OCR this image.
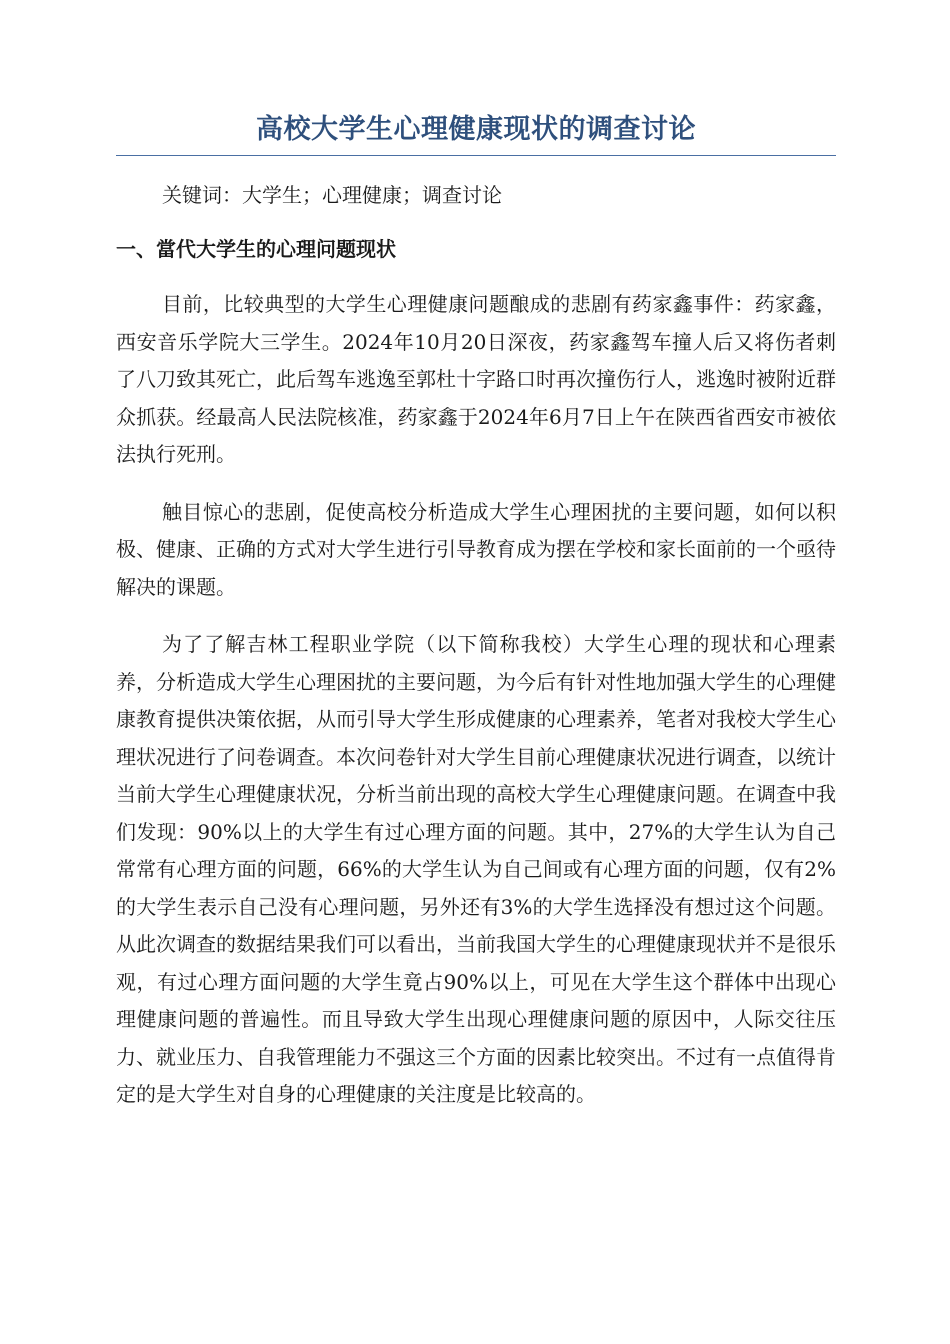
高校大学生心理健康现状的调查讨论

关键词：大学生；心理健康；调查讨论

一、當代大学生的心理问题现状

目前，比较典型的大学生心理健康问题酿成的悲剧有药家鑫事件：药家鑫，西安音乐学院大三学生。2024年10月20日深夜，药家鑫驾车撞人后又将伤者刺了八刀致其死亡，此后驾车逃逸至郭杜十字路口时再次撞伤行人，逃逸时被附近群众抓获。经最高人民法院核准，药家鑫于2024年6月7日上午在陕西省西安市被依法执行死刑。

触目惊心的悲剧，促使高校分析造成大学生心理困扰的主要问题，如何以积极、健康、正确的方式对大学生进行引导教育成为摆在学校和家长面前的一个亟待解决的课题。

为了了解吉林工程职业学院（以下简称我校）大学生心理的现状和心理素养，分析造成大学生心理困扰的主要问题，为今后有针对性地加强大学生的心理健康教育提供决策依据，从而引导大学生形成健康的心理素养，笔者对我校大学生心理状况进行了问卷调查。本次问卷针对大学生目前心理健康状况进行调查，以统计当前大学生心理健康状况，分析当前出现的高校大学生心理健康问题。在调查中我们发现：90%以上的大学生有过心理方面的问题。其中，27%的大学生认为自己常常有心理方面的问题，66%的大学生认为自己间或有心理方面的问题，仅有2%的大学生表示自己没有心理问题，另外还有3%的大学生选择没有想过这个问题。从此次调查的数据结果我们可以看出，当前我国大学生的心理健康现状并不是很乐观，有过心理方面问题的大学生竟占90%以上，可见在大学生这个群体中出现心理健康问题的普遍性。而且导致大学生出现心理健康问题的原因中，人际交往压力、就业压力、自我管理能力不强这三个方面的因素比较突出。不过有一点值得肯定的是大学生对自身的心理健康的关注度是比较高的。
